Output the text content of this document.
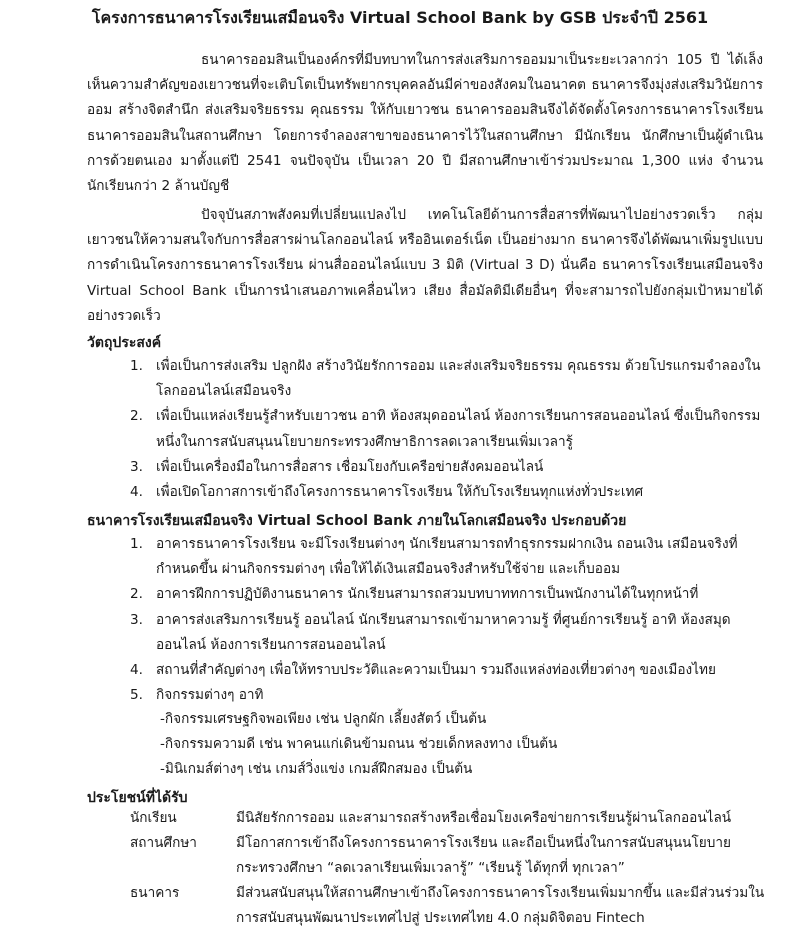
โครงการธนาคารโรงเรียนเสมือนจริง Virtual School Bank by GSB ประจำปี 2561

ธนาคารออมสินเป็นองค์กรที่มีบทบาทในการส่งเสริมการออมมาเป็นระยะเวลากว่า 105 ปี ได้เล็งเห็นความสำคัญของเยาวชนที่จะเติบโตเป็นทรัพยากรบุคคลอันมีค่าของสังคมในอนาคต ธนาคารจึงมุ่งส่งเสริมวินัยการออม สร้างจิตสำนึก ส่งเสริมจริยธรรม คุณธรรม ให้กับเยาวชน ธนาคารออมสินจึงได้จัดตั้งโครงการธนาคารโรงเรียน ธนาคารออมสินในสถานศึกษา โดยการจำลองสาขาของธนาคารไว้ในสถานศึกษา มีนักเรียน นักศึกษาเป็นผู้ดำเนินการด้วยตนเอง มาตั้งแต่ปี 2541 จนปัจจุบัน เป็นเวลา 20 ปี มีสถานศึกษาเข้าร่วมประมาณ 1,300 แห่ง จำนวนนักเรียนกว่า 2 ล้านบัญชี

ปัจจุบันสภาพสังคมที่เปลี่ยนแปลงไป เทคโนโลยีด้านการสื่อสารที่พัฒนาไปอย่างรวดเร็ว กลุ่มเยาวชนให้ความสนใจกับการสื่อสารผ่านโลกออนไลน์ หรืออินเตอร์เน็ต เป็นอย่างมาก ธนาคารจึงได้พัฒนาเพิ่มรูปแบบการดำเนินโครงการธนาคารโรงเรียน ผ่านสื่อออนไลน์แบบ 3 มิติ (Virtual 3 D) นั่นคือ ธนาคารโรงเรียนเสมือนจริง Virtual School Bank เป็นการนำเสนอภาพเคลื่อนไหว เสียง สื่อมัลติมีเดียอื่นๆ ที่จะสามารถไปยังกลุ่มเป้าหมายได้อย่างรวดเร็ว

วัตถุประสงค์
1. เพื่อเป็นการส่งเสริม ปลูกฝัง สร้างวินัยรักการออม และส่งเสริมจริยธรรม คุณธรรม ด้วยโปรแกรมจำลองในโลกออนไลน์เสมือนจริง
2. เพื่อเป็นแหล่งเรียนรู้สำหรับเยาวชน อาทิ ห้องสมุดออนไลน์ ห้องการเรียนการสอนออนไลน์ ซึ่งเป็นกิจกรรมหนึ่งในการสนับสนุนนโยบายกระทรวงศึกษาธิการลดเวลาเรียนเพิ่มเวลารู้
3. เพื่อเป็นเครื่องมือในการสื่อสาร เชื่อมโยงกับเครือข่ายสังคมออนไลน์
4. เพื่อเปิดโอกาสการเข้าถึงโครงการธนาคารโรงเรียน ให้กับโรงเรียนทุกแห่งทั่วประเทศ
ธนาคารโรงเรียนเสมือนจริง Virtual School Bank ภายในโลกเสมือนจริง ประกอบด้วย
1. อาคารธนาคารโรงเรียน จะมีโรงเรียนต่างๆ นักเรียนสามารถทำธุรกรรมฝากเงิน ถอนเงิน เสมือนจริงที่กำหนดขึ้น ผ่านกิจกรรมต่างๆ เพื่อให้ได้เงินเสมือนจริงสำหรับใช้จ่าย และเก็บออม
2. อาคารฝึกการปฏิบัติงานธนาคาร นักเรียนสามารถสวมบทบาททการเป็นพนักงานได้ในทุกหน้าที่
3. อาคารส่งเสริมการเรียนรู้ ออนไลน์ นักเรียนสามารถเข้ามาหาความรู้ ที่ศูนย์การเรียนรู้ อาทิ ห้องสมุดออนไลน์ ห้องการเรียนการสอนออนไลน์
4. สถานที่สำคัญต่างๆ เพื่อให้ทราบประวัติและความเป็นมา รวมถึงแหล่งท่องเที่ยวต่างๆ ของเมืองไทย
5. กิจกรรมต่างๆ อาทิ
-กิจกรรมเศรษฐกิจพอเพียง เช่น ปลูกผัก เลี้ยงสัตว์ เป็นต้น
-กิจกรรมความดี เช่น พาคนแก่เดินข้ามถนน ช่วยเด็กหลงทาง เป็นต้น
-มินิเกมส์ต่างๆ เช่น เกมส์วิ่งแข่ง เกมส์ฝึกสมอง เป็นต้น
ประโยชน์ที่ได้รับ
นักเรียน	มีนิสัยรักการออม และสามารถสร้างหรือเชื่อมโยงเครือข่ายการเรียนรู้ผ่านโลกออนไลน์
สถานศึกษา	มีโอกาสการเข้าถึงโครงการธนาคารโรงเรียน และถือเป็นหนึ่งในการสนับสนุนนโยบายกระทรวงศึกษา “ลดเวลาเรียนเพิ่มเวลารู้” “เรียนรู้ ได้ทุกที่ ทุกเวลา”
ธนาคาร	มีส่วนสนับสนุนให้สถานศึกษาเข้าถึงโครงการธนาคารโรงเรียนเพิ่มมากขึ้น และมีส่วนร่วมในการสนับสนุนพัฒนาประเทศไปสู่ ประเทศไทย 4.0 กลุ่มดิจิตอบ Fintech
